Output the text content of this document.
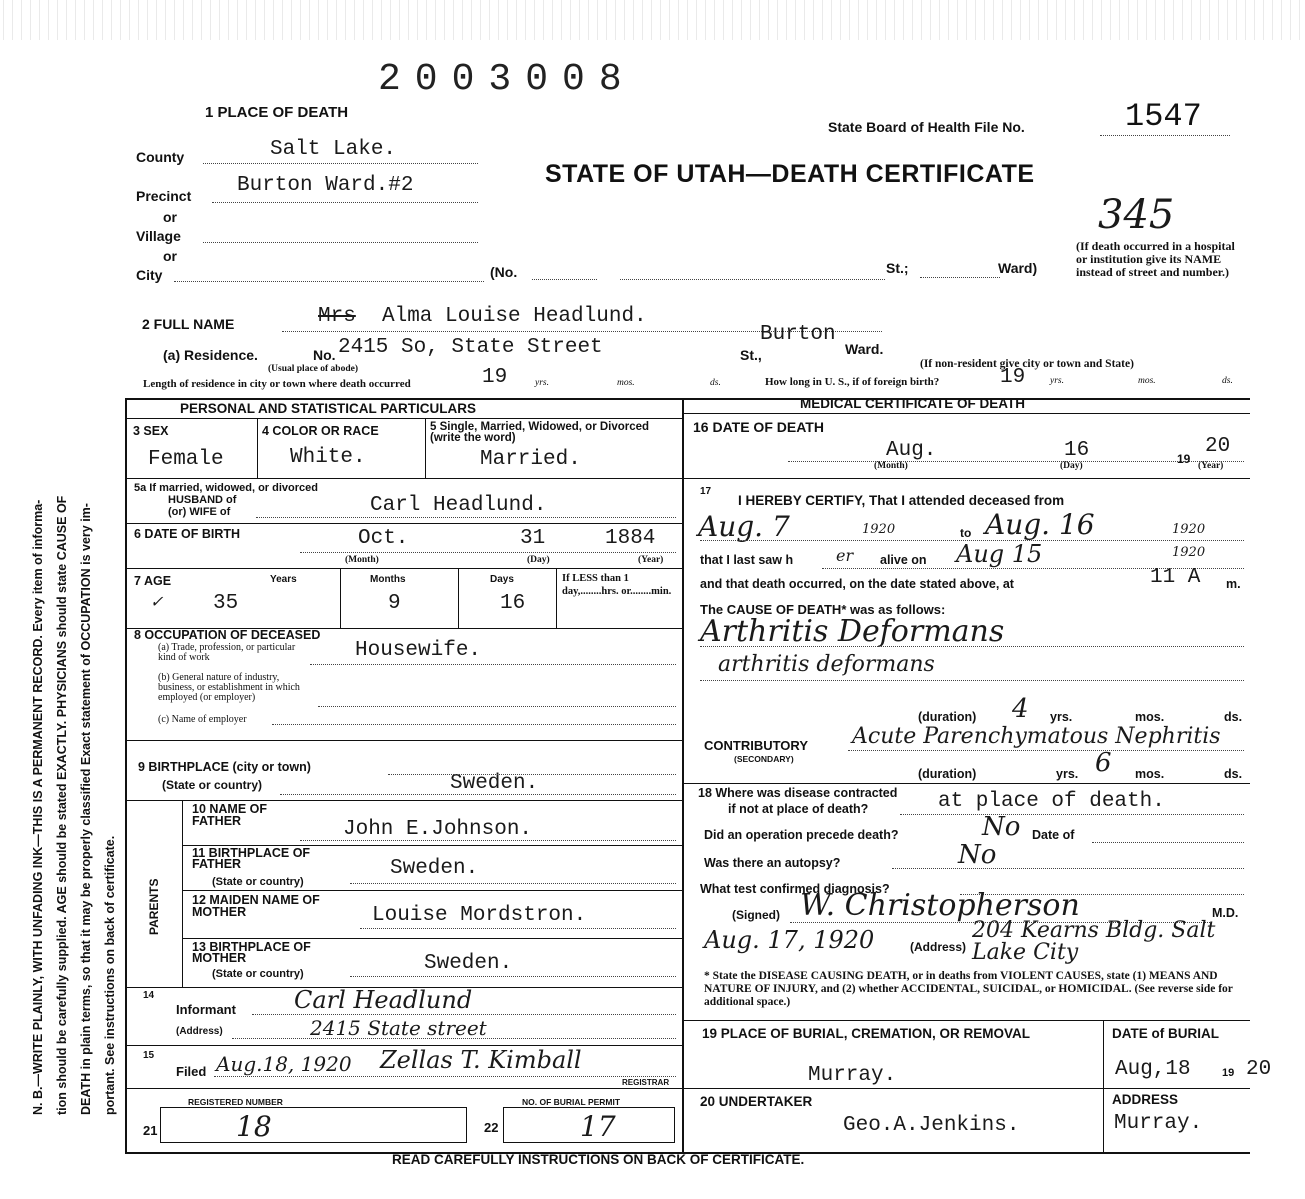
N. B.—WRITE PLAINLY, WITH UNFADING INK—THIS IS A PERMANENT RECORD. Every item of informa- tion should be carefully supplied. AGE should be stated EXACTLY. PHYSICIANS should state CAUSE OF DEATH in plain terms, so that it may be properly classified Exact statement of OCCUPATION is very im- portant. See instructions on back of certificate.
2003008
1 PLACE OF DEATH
State Board of Health File No.	1547
STATE OF UTAH—DEATH CERTIFICATE
345
County	Salt Lake.
Precinct Burton Ward.#2
or
Village
or
City	(No.	St.;	Ward)
(If death occurred in a hospital or institution give its NAME instead of street and number.)
2 FULL NAME	Mrs Alma Louise Headlund.
(a) Residence.	No. 2415 So, State Street	St.,
Burton
Ward.
(Usual place of abode)	(If non-resident give city or town and State)
Length of residence in city or town where death occurred	19	yrs.	mos.	ds.	How long in U. S., if of foreign birth?	19	yrs.	mos.	ds.
PERSONAL AND STATISTICAL PARTICULARS	MEDICAL CERTIFICATE OF DEATH
3 SEX
Female
4 COLOR OR RACE
White.
5 Single, Married, Widowed, or Divorced (write the word)
Married.
5a If married, widowed, or divorced
HUSBAND of
(or) WIFE of	Carl Headlund.
6 DATE OF BIRTH	Oct.	31	1884
(Month)	(Day)	(Year)
7 AGE	Years	Months	Days
✓ 35	9	16
If LESS than 1 day,........hrs. or........min.
8 OCCUPATION OF DECEASED
(a) Trade, profession, or particular kind of work
(b) General nature of industry, business, or establishment in which employed (or employer)
(c) Name of employer
Housewife.
9 BIRTHPLACE (city or town)
(State or country)	Sweden.
PARENTS
10 NAME OF FATHER	John E.Johnson.
11 BIRTHPLACE OF FATHER
(State or country)
Sweden.
12 MAIDEN NAME OF MOTHER	Louise Mordstron.
13 BIRTHPLACE OF MOTHER
(State or country)	Sweden.
14
Informant Carl Headlund
(Address)	2415 State street
15
Filed Aug.18, 1920 Zellas T. Kimball
REGISTRAR
REGISTERED NUMBER	NO. OF BURIAL PERMIT
21	18	22	17
16 DATE OF DEATH
Aug.	16	19
20
(Month)	(Day)	(Year)
17
I HEREBY CERTIFY, That I attended deceased from
Aug. 7	1920	to Aug. 16	1920
that I last saw h	er alive on Aug 15	1920
and that death occurred, on the date stated above, at	11 A m.
The CAUSE OF DEATH* was as follows:
Arthritis Deformans
arthritis deformans
(duration) 4 yrs.	mos.	ds.
CONTRIBUTORY
(SECONDARY)
Acute Parenchymatous Nephritis
(duration)	yrs. 6 mos.	ds.
18 Where was disease contracted
if not at place of death?	at place of death.
Did an operation precede death?	No Date of
Was there an autopsy?	No
What test confirmed diagnosis?
(Signed) W. Christopherson	M.D.
Aug. 17, 1920	(Address)
204 Kearns Bldg. Salt Lake City
* State the DISEASE CAUSING DEATH, or in deaths from VIOLENT CAUSES, state (1) MEANS AND NATURE OF INJURY, and (2) whether ACCIDENTAL, SUICIDAL, or HOMICIDAL. (See reverse side for additional space.)
19 PLACE OF BURIAL, CREMATION, OR REMOVAL
Murray.
DATE of BURIAL
Aug,18	19 20
20 UNDERTAKER
Geo.A.Jenkins.
ADDRESS
Murray.
READ CAREFULLY INSTRUCTIONS ON BACK OF CERTIFICATE.
